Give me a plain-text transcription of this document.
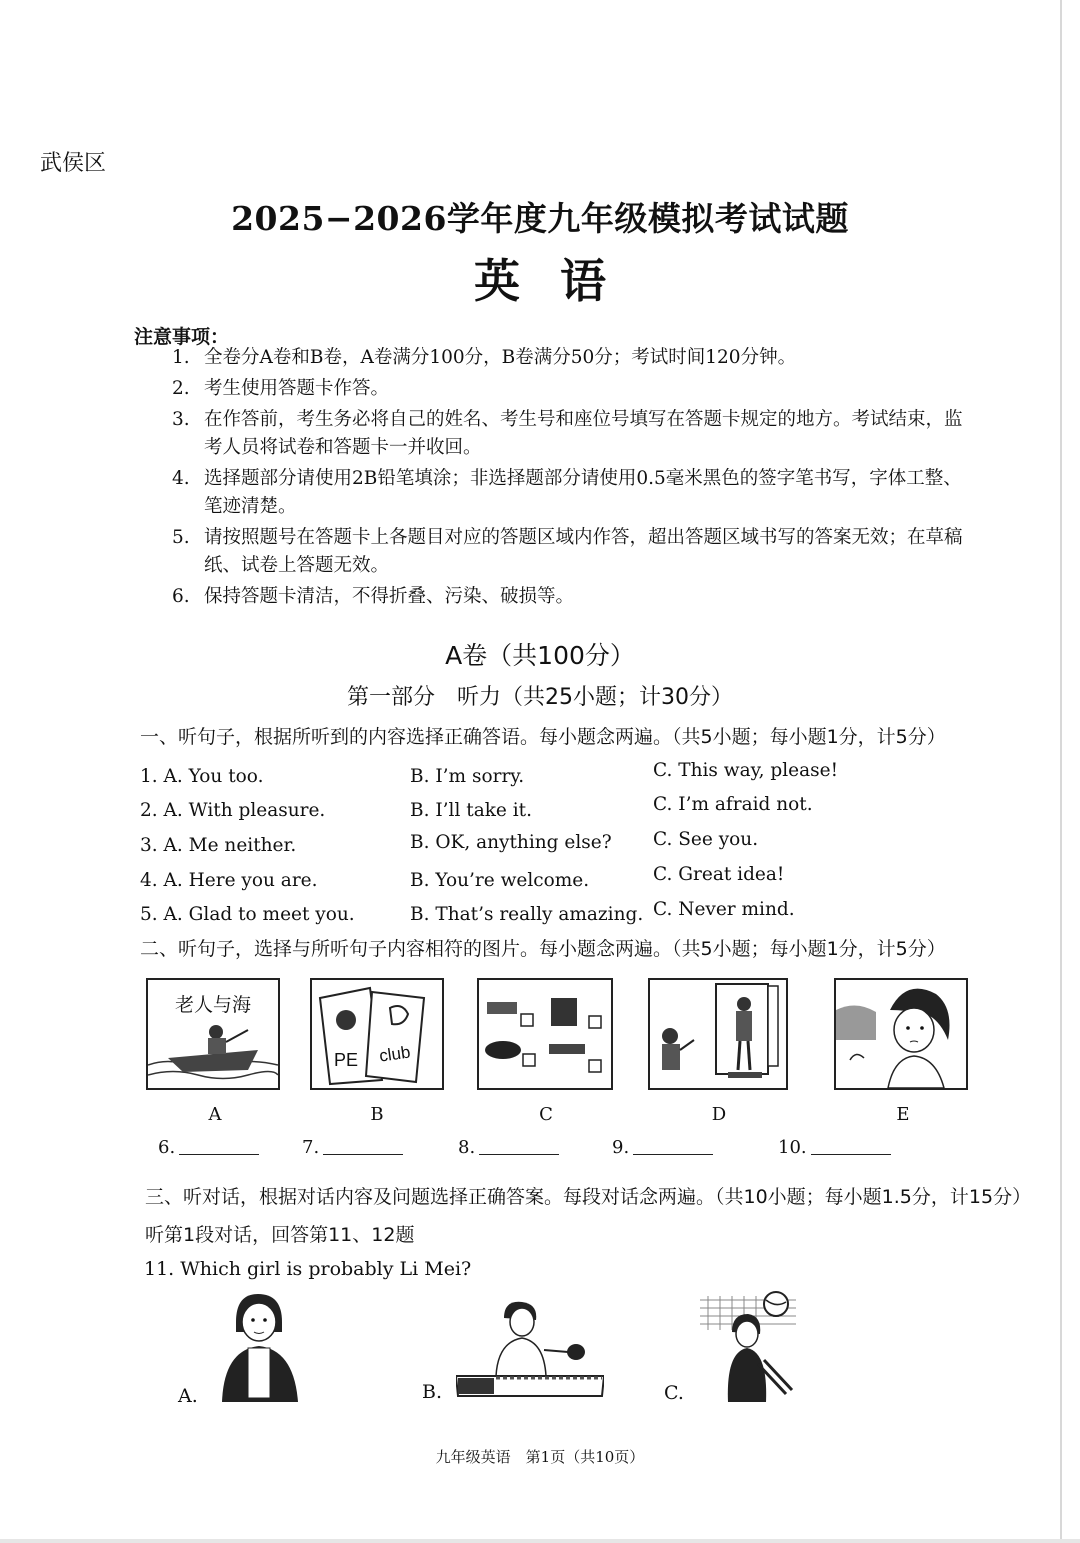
武侯区
2025−2026学年度九年级模拟考试试题
英语
注意事项：
1. 全卷分A卷和B卷，A卷满分100分，B卷满分50分；考试时间120分钟。
2. 考生使用答题卡作答。
3. 在作答前，考生务必将自己的姓名、考生号和座位号填写在答题卡规定的地方。考试结束，监考人员将试卷和答题卡一并收回。
4. 选择题部分请使用2B铅笔填涂；非选择题部分请使用0.5毫米黑色的签字笔书写，字体工整、笔迹清楚。
5. 请按照题号在答题卡上各题目对应的答题区域内作答，超出答题区域书写的答案无效；在草稿纸、试卷上答题无效。
6. 保持答题卡清洁，不得折叠、污染、破损等。
A卷（共100分）
第一部分　听力（共25小题；计30分）
一、听句子，根据所听到的内容选择正确答语。每小题念两遍。（共5小题；每小题1分，计5分）
1. A. You too.	B. I’m sorry.	C. This way, please!
2. A. With pleasure.	B. I’ll take it.	C. I’m afraid not.
3. A. Me neither.	B. OK, anything else? C. See you.
4. A. Here you are.	B. You’re welcome.	C. Great idea!
5. A. Glad to meet you.	B. That’s really amazing. C. Never mind.
二、听句子，选择与所听句子内容相符的图片。每小题念两遍。（共5小题；每小题1分，计5分）
老人与海
PE club
A	B	C	D	E
6.	7.	8.	9.	10.
三、听对话，根据对话内容及问题选择正确答案。每段对话念两遍。（共10小题；每小题1.5分，计15分）
听第1段对话，回答第11、12题
11. Which girl is probably Li Mei?
A.	B.	C.
九年级英语　第1页（共10页）
